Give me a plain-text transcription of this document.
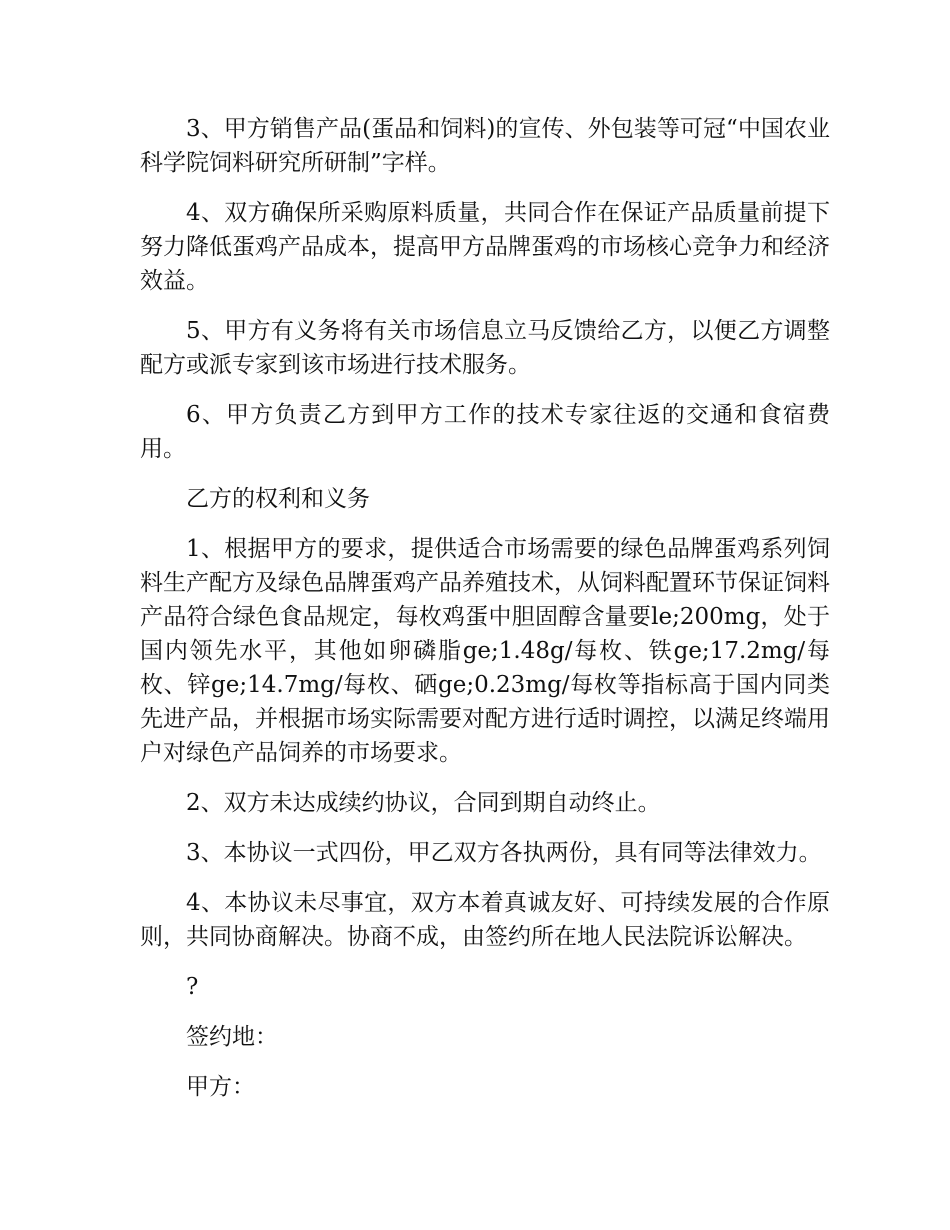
3、甲方销售产品(蛋品和饲料)的宣传、外包装等可冠“中国农业科学院饲料研究所研制”字样。

4、双方确保所采购原料质量，共同合作在保证产品质量前提下努力降低蛋鸡产品成本，提高甲方品牌蛋鸡的市场核心竞争力和经济效益。

5、甲方有义务将有关市场信息立马反馈给乙方，以便乙方调整配方或派专家到该市场进行技术服务。

6、甲方负责乙方到甲方工作的技术专家往返的交通和食宿费用。

乙方的权利和义务

1、根据甲方的要求，提供适合市场需要的绿色品牌蛋鸡系列饲料生产配方及绿色品牌蛋鸡产品养殖技术，从饲料配置环节保证饲料产品符合绿色食品规定，每枚鸡蛋中胆固醇含量要le;200mg，处于国内领先水平，其他如卵磷脂ge;1.48g/每枚、铁ge;17.2mg/每枚、锌ge;14.7mg/每枚、硒ge;0.23mg/每枚等指标高于国内同类先进产品，并根据市场实际需要对配方进行适时调控，以满足终端用户对绿色产品饲养的市场要求。

2、双方未达成续约协议，合同到期自动终止。

3、本协议一式四份，甲乙双方各执两份，具有同等法律效力。

4、本协议未尽事宜，双方本着真诚友好、可持续发展的合作原则，共同协商解决。协商不成，由签约所在地人民法院诉讼解决。

?

签约地：

甲方：
